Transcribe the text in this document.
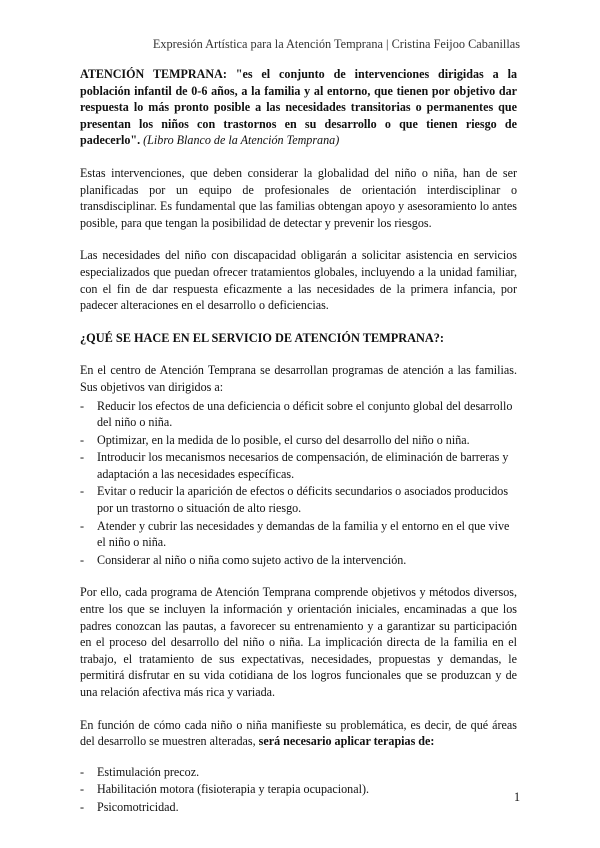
Expresión Artística para la Atención Temprana | Cristina Feijoo Cabanillas

ATENCIÓN TEMPRANA: "es el conjunto de intervenciones dirigidas a la población infantil de 0-6 años, a la familia y al entorno, que tienen por objetivo dar respuesta lo más pronto posible a las necesidades transitorias o permanentes que presentan los niños con trastornos en su desarrollo o que tienen riesgo de padecerlo". (Libro Blanco de la Atención Temprana)

Estas intervenciones, que deben considerar la globalidad del niño o niña, han de ser planificadas por un equipo de profesionales de orientación interdisciplinar o transdisciplinar. Es fundamental que las familias obtengan apoyo y asesoramiento lo antes posible, para que tengan la posibilidad de detectar y prevenir los riesgos.

Las necesidades del niño con discapacidad obligarán a solicitar asistencia en servicios especializados que puedan ofrecer tratamientos globales, incluyendo a la unidad familiar, con el fin de dar respuesta eficazmente a las necesidades de la primera infancia, por padecer alteraciones en el desarrollo o deficiencias.

¿QUÉ SE HACE EN EL SERVICIO DE ATENCIÓN TEMPRANA?:

En el centro de Atención Temprana se desarrollan programas de atención a las familias. Sus objetivos van dirigidos a:

- Reducir los efectos de una deficiencia o déficit sobre el conjunto global del desarrollo del niño o niña.
- Optimizar, en la medida de lo posible, el curso del desarrollo del niño o niña.
- Introducir los mecanismos necesarios de compensación, de eliminación de barreras y adaptación a las necesidades específicas.
- Evitar o reducir la aparición de efectos o déficits secundarios o asociados producidos por un trastorno o situación de alto riesgo.
- Atender y cubrir las necesidades y demandas de la familia y el entorno en el que vive el niño o niña.
- Considerar al niño o niña como sujeto activo de la intervención.

Por ello, cada programa de Atención Temprana comprende objetivos y métodos diversos, entre los que se incluyen la información y orientación iniciales, encaminadas a que los padres conozcan las pautas, a favorecer su entrenamiento y a garantizar su participación en el proceso del desarrollo del niño o niña. La implicación directa de la familia en el trabajo, el tratamiento de sus expectativas, necesidades, propuestas y demandas, le permitirá disfrutar en su vida cotidiana de los logros funcionales que se produzcan y de una relación afectiva más rica y variada.

En función de cómo cada niño o niña manifieste su problemática, es decir, de qué áreas del desarrollo se muestren alteradas, será necesario aplicar terapias de:

- Estimulación precoz.
- Habilitación motora (fisioterapia y terapia ocupacional).
- Psicomotricidad.
1
